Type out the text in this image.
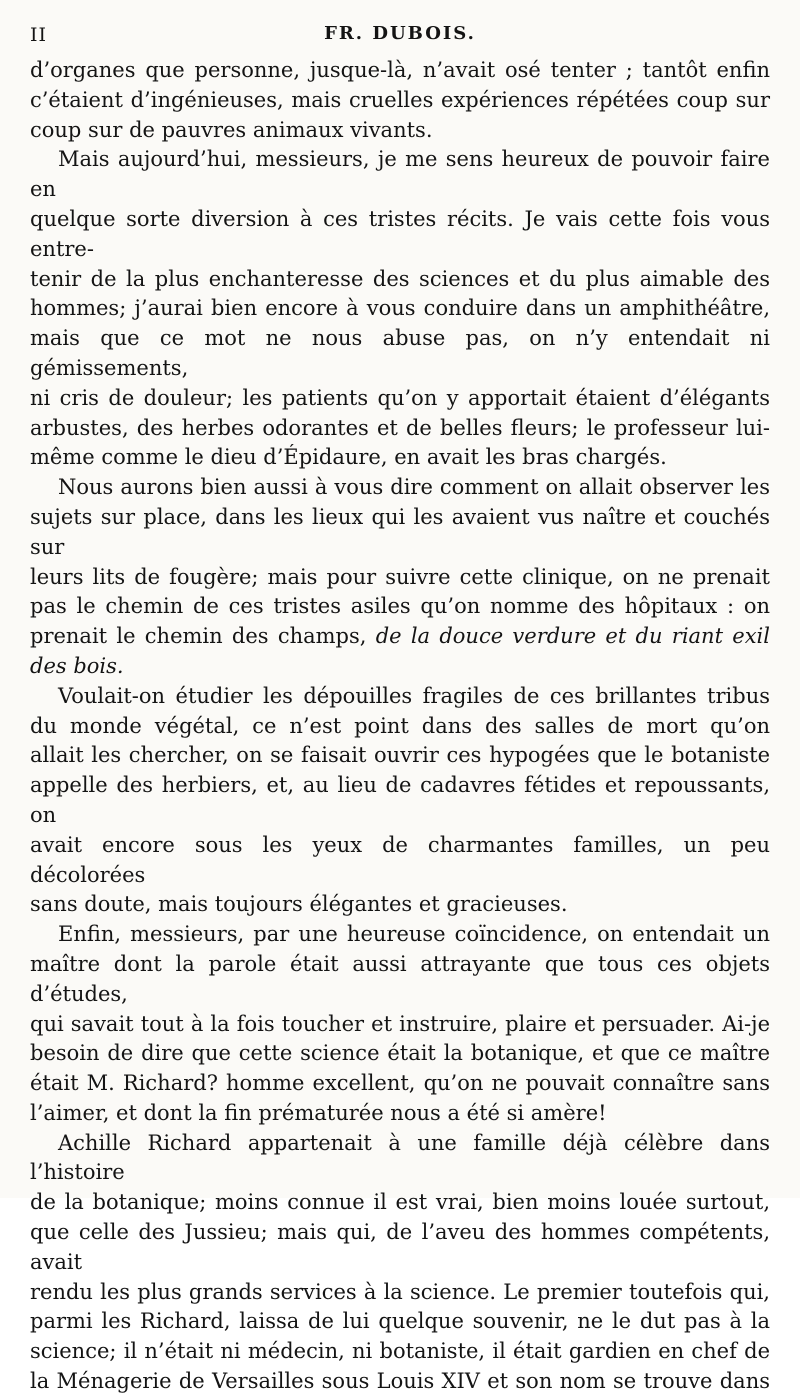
II	FR. DUBOIS.
d’organes que personne, jusque-là, n’avait osé tenter ; tantôt enfin
c’étaient d’ingénieuses, mais cruelles expériences répétées coup sur
coup sur de pauvres animaux vivants.
Mais aujourd’hui, messieurs, je me sens heureux de pouvoir faire en
quelque sorte diversion à ces tristes récits. Je vais cette fois vous entre-
tenir de la plus enchanteresse des sciences et du plus aimable des
hommes; j’aurai bien encore à vous conduire dans un amphithéâtre,
mais que ce mot ne nous abuse pas, on n’y entendait ni gémissements,
ni cris de douleur; les patients qu’on y apportait étaient d’élégants
arbustes, des herbes odorantes et de belles fleurs; le professeur lui-
même comme le dieu d’Épidaure, en avait les bras chargés.
Nous aurons bien aussi à vous dire comment on allait observer les
sujets sur place, dans les lieux qui les avaient vus naître et couchés sur
leurs lits de fougère; mais pour suivre cette clinique, on ne prenait
pas le chemin de ces tristes asiles qu’on nomme des hôpitaux : on
prenait le chemin des champs, de la douce verdure et du riant exil
des bois.
Voulait-on étudier les dépouilles fragiles de ces brillantes tribus
du monde végétal, ce n’est point dans des salles de mort qu’on
allait les chercher, on se faisait ouvrir ces hypogées que le botaniste
appelle des herbiers, et, au lieu de cadavres fétides et repoussants, on
avait encore sous les yeux de charmantes familles, un peu décolorées
sans doute, mais toujours élégantes et gracieuses.
Enfin, messieurs, par une heureuse coïncidence, on entendait un
maître dont la parole était aussi attrayante que tous ces objets d’études,
qui savait tout à la fois toucher et instruire, plaire et persuader. Ai-je
besoin de dire que cette science était la botanique, et que ce maître
était M. Richard? homme excellent, qu’on ne pouvait connaître sans
l’aimer, et dont la fin prématurée nous a été si amère!
Achille Richard appartenait à une famille déjà célèbre dans l’histoire
de la botanique; moins connue il est vrai, bien moins louée surtout,
que celle des Jussieu; mais qui, de l’aveu des hommes compétents, avait
rendu les plus grands services à la science. Le premier toutefois qui,
parmi les Richard, laissa de lui quelque souvenir, ne le dut pas à la
science; il n’était ni médecin, ni botaniste, il était gardien en chef de
la Ménagerie de Versailles sous Louis XIV et son nom se trouve dans
